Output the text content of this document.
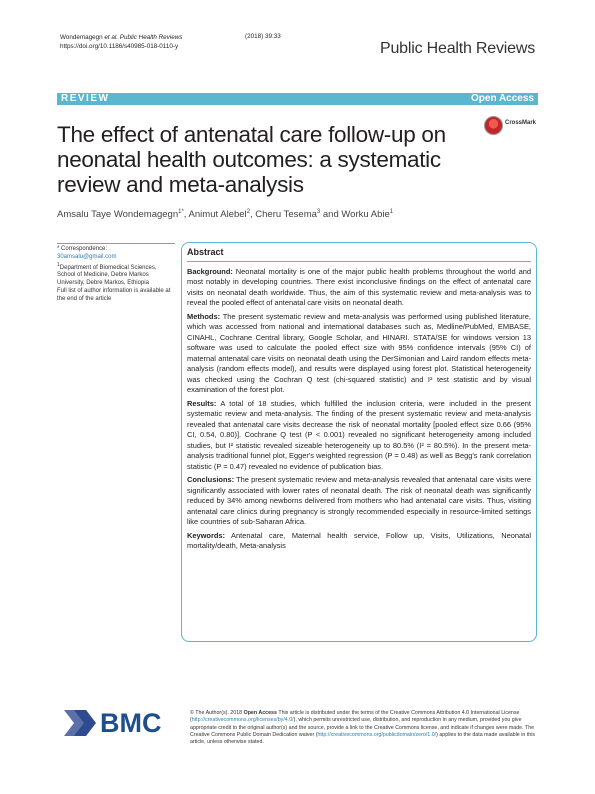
Wondemagegn et al. Public Health Reviews
https://doi.org/10.1186/s40985-018-0110-y
(2018) 39:33
Public Health Reviews
REVIEW	Open Access
The effect of antenatal care follow-up on neonatal health outcomes: a systematic review and meta-analysis
CrossMark
Amsalu Taye Wondemagegn$^{1*}$, Animut Alebel$^2$, Cheru Tesema$^3$ and Worku Abie$^1$

* Correspondence:

30amsalu@gmail.com

$^1$Department of Biomedical Sciences, School of Medicine, Debre Markos University, Debre Markos, Ethiopia

Full list of author information is available at the end of the article

Abstract

Background: Neonatal mortality is one of the major public health problems throughout the world and most notably in developing countries. There exist inconclusive findings on the effect of antenatal care visits on neonatal death worldwide. Thus, the aim of this systematic review and meta-analysis was to reveal the pooled effect of antenatal care visits on neonatal death.

Methods: The present systematic review and meta-analysis was performed using published literature, which was accessed from national and international databases such as, Medline/PubMed, EMBASE, CINAHL, Cochrane Central library, Google Scholar, and HINARI. STATA/SE for windows version 13 software was used to calculate the pooled effect size with 95% confidence intervals (95% CI) of maternal antenatal care visits on neonatal death using the DerSimonian and Laird random effects meta-analysis (random effects model), and results were displayed using forest plot. Statistical heterogeneity was checked using the Cochran Q test (chi-squared statistic) and I² test statistic and by visual examination of the forest plot.

Results: A total of 18 studies, which fulfilled the inclusion criteria, were included in the present systematic review and meta-analysis. The finding of the present systematic review and meta-analysis revealed that antenatal care visits decrease the risk of neonatal mortality [pooled effect size 0.66 (95% CI, 0.54, 0.80)]. Cochrane Q test (P < 0.001) revealed no significant heterogeneity among included studies, but I² statistic revealed sizeable heterogeneity up to 80.5% (I² = 80.5%). In the present meta-analysis traditional funnel plot, Egger's weighted regression (P = 0.48) as well as Begg's rank correlation statistic (P = 0.47) revealed no evidence of publication bias.

Conclusions: The present systematic review and meta-analysis revealed that antenatal care visits were significantly associated with lower rates of neonatal death. The risk of neonatal death was significantly reduced by 34% among newborns delivered from mothers who had antenatal care visits. Thus, visiting antenatal care clinics during pregnancy is strongly recommended especially in resource-limited settings like countries of sub-Saharan Africa.

Keywords: Antenatal care, Maternal health service, Follow up, Visits, Utilizations, Neonatal mortality/death, Meta-analysis

BMC	© The Author(s). 2018 Open Access This article is distributed under the terms of the Creative Commons Attribution 4.0 International License (http://creativecommons.org/licenses/by/4.0/), which permits unrestricted use, distribution, and reproduction in any medium, provided you give appropriate credit to the original author(s) and the source, provide a link to the Creative Commons license, and indicate if changes were made. The Creative Commons Public Domain Dedication waiver (http://creativecommons.org/publicdomain/zero/1.0/) applies to the data made available in this article, unless otherwise stated.
